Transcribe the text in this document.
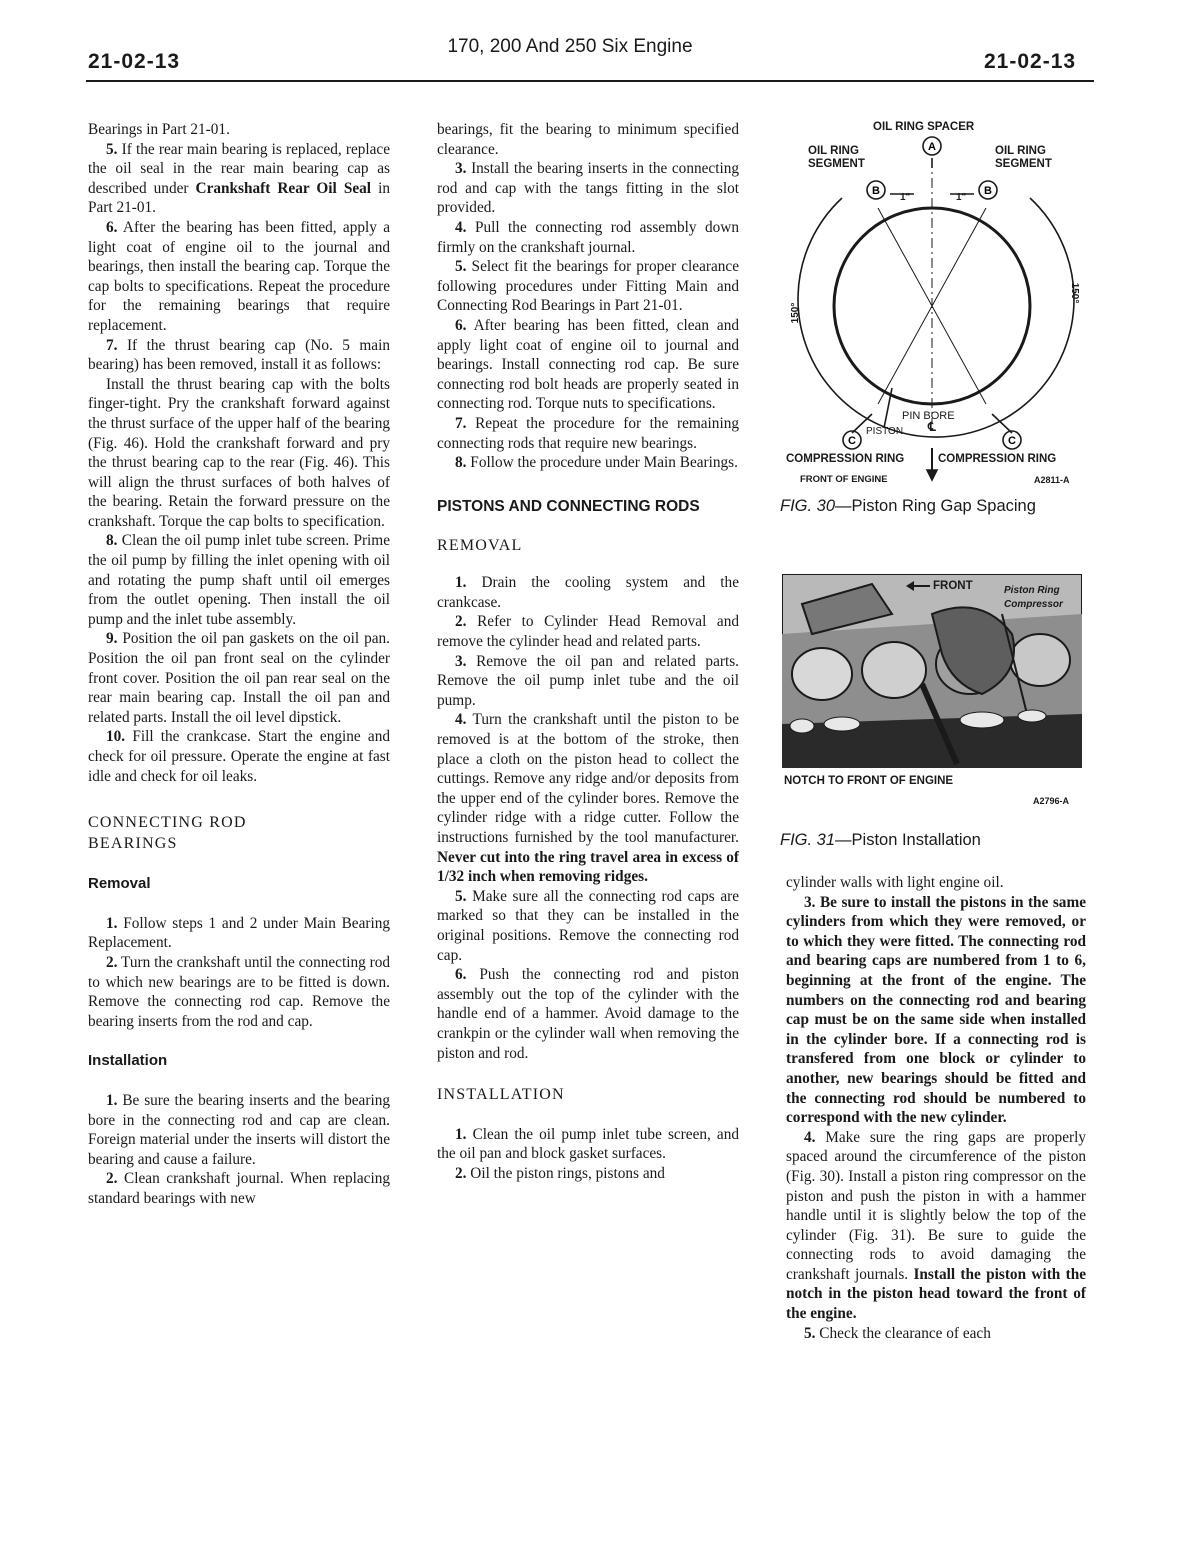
21-02-13
170, 200 And 250 Six Engine
21-02-13

Bearings in Part 21-01.

5. If the rear main bearing is replaced, replace the oil seal in the rear main bearing cap as described under Crankshaft Rear Oil Seal in Part 21-01.

6. After the bearing has been fitted, apply a light coat of engine oil to the journal and bearings, then install the bearing cap. Torque the cap bolts to specifications. Repeat the procedure for the remaining bearings that require replacement.

7. If the thrust bearing cap (No. 5 main bearing) has been removed, install it as follows:

Install the thrust bearing cap with the bolts finger-tight. Pry the crankshaft forward against the thrust surface of the upper half of the bearing (Fig. 46). Hold the crankshaft forward and pry the thrust bearing cap to the rear (Fig. 46). This will align the thrust surfaces of both halves of the bearing. Retain the forward pressure on the crankshaft. Torque the cap bolts to specification.

8. Clean the oil pump inlet tube screen. Prime the oil pump by filling the inlet opening with oil and rotating the pump shaft until oil emerges from the outlet opening. Then install the oil pump and the inlet tube assembly.

9. Position the oil pan gaskets on the oil pan. Position the oil pan front seal on the cylinder front cover. Position the oil pan rear seal on the rear main bearing cap. Install the oil pan and related parts. Install the oil level dipstick.

10. Fill the crankcase. Start the engine and check for oil pressure. Operate the engine at fast idle and check for oil leaks.

CONNECTING ROD
BEARINGS

Removal

1. Follow steps 1 and 2 under Main Bearing Replacement.

2. Turn the crankshaft until the connecting rod to which new bearings are to be fitted is down. Remove the connecting rod cap. Remove the bearing inserts from the rod and cap.

Installation

1. Be sure the bearing inserts and the bearing bore in the connecting rod and cap are clean. Foreign material under the inserts will distort the bearing and cause a failure.

2. Clean crankshaft journal. When replacing standard bearings with new

bearings, fit the bearing to minimum specified clearance.

3. Install the bearing inserts in the connecting rod and cap with the tangs fitting in the slot provided.

4. Pull the connecting rod assembly down firmly on the crankshaft journal.

5. Select fit the bearings for proper clearance following procedures under Fitting Main and Connecting Rod Bearings in Part 21-01.

6. After bearing has been fitted, clean and apply light coat of engine oil to journal and bearings. Install connecting rod cap. Be sure connecting rod bolt heads are properly seated in connecting rod. Torque nuts to specifications.

7. Repeat the procedure for the remaining connecting rods that require new bearings.

8. Follow the procedure under Main Bearings.

PISTONS AND CONNECTING RODS

REMOVAL

1. Drain the cooling system and the crankcase.

2. Refer to Cylinder Head Removal and remove the cylinder head and related parts.

3. Remove the oil pan and related parts. Remove the oil pump inlet tube and the oil pump.

4. Turn the crankshaft until the piston to be removed is at the bottom of the stroke, then place a cloth on the piston head to collect the cuttings. Remove any ridge and/or deposits from the upper end of the cylinder bores. Remove the cylinder ridge with a ridge cutter. Follow the instructions furnished by the tool manufacturer. Never cut into the ring travel area in excess of 1/32 inch when removing ridges.

5. Make sure all the connecting rod caps are marked so that they can be installed in the original positions. Remove the connecting rod cap.

6. Push the connecting rod and piston assembly out the top of the cylinder with the handle end of a hammer. Avoid damage to the crankpin or the cylinder wall when removing the piston and rod.

INSTALLATION

1. Clean the oil pump inlet tube screen, and the oil pan and block gasket surfaces.

2. Oil the piston rings, pistons and

A
B	B
C	C
1"	1"
150°
150°
OIL RING SPACER
OIL RING
SEGMENT
OIL RING
SEGMENT
PIN BORE
PISTON ℄
COMPRESSION RING	COMPRESSION RING
FRONT OF ENGINE	A2811-A
FIG. 30—Piston Ring Gap Spacing
FRONT	Piston Ring
Compressor
NOTCH TO FRONT OF ENGINE
A2796-A
FIG. 31—Piston Installation

cylinder walls with light engine oil.

3. Be sure to install the pistons in the same cylinders from which they were removed, or to which they were fitted. The connecting rod and bearing caps are numbered from 1 to 6, beginning at the front of the engine. The numbers on the connecting rod and bearing cap must be on the same side when installed in the cylinder bore. If a connecting rod is transfered from one block or cylinder to another, new bearings should be fitted and the connecting rod should be numbered to correspond with the new cylinder.

4. Make sure the ring gaps are properly spaced around the circumference of the piston (Fig. 30). Install a piston ring compressor on the piston and push the piston in with a hammer handle until it is slightly below the top of the cylinder (Fig. 31). Be sure to guide the connecting rods to avoid damaging the crankshaft journals. Install the piston with the notch in the piston head toward the front of the engine.

5. Check the clearance of each
